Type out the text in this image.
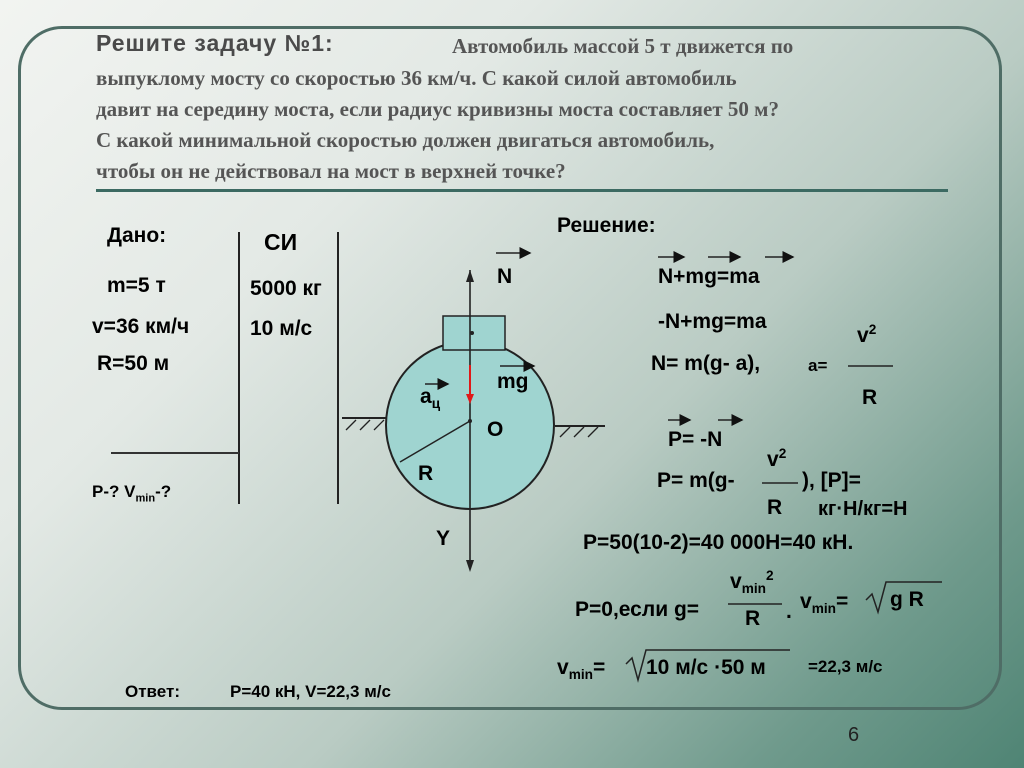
Решите задачу №1:	Автомобиль массой 5 т движется по
выпуклому мосту со скоростью 36 км/ч. С какой силой автомобиль
давит на середину моста, если радиус кривизны моста составляет 50 м?
С какой минимальной скоростью должен двигаться автомобиль,
чтобы он не действовал на мост в верхней точке?
Дано:
m=5 т
v=36 км/ч
R=50 м
P-? $V_{min}-$?
СИ
5000 кг
10 м/с
N
mg
$a_ц$
O
R
Y
Решение:
N+mg=ma
-N+mg=ma
N= m(g- a),	a=
$v^2$
R
P= -N
P= m(g-
$v^2$
R
), [P]=
кг·Н/кг=Н
P=50(10-2)=40 000Н=40 кН.
P=0,если g=
$v_{min}^2$
R . $v_{min}= g$ R
$v_{min}= 10$ м/с ·50 м =22,3 м/с
Ответ:	P=40 кН, V=22,3 м/с
6
